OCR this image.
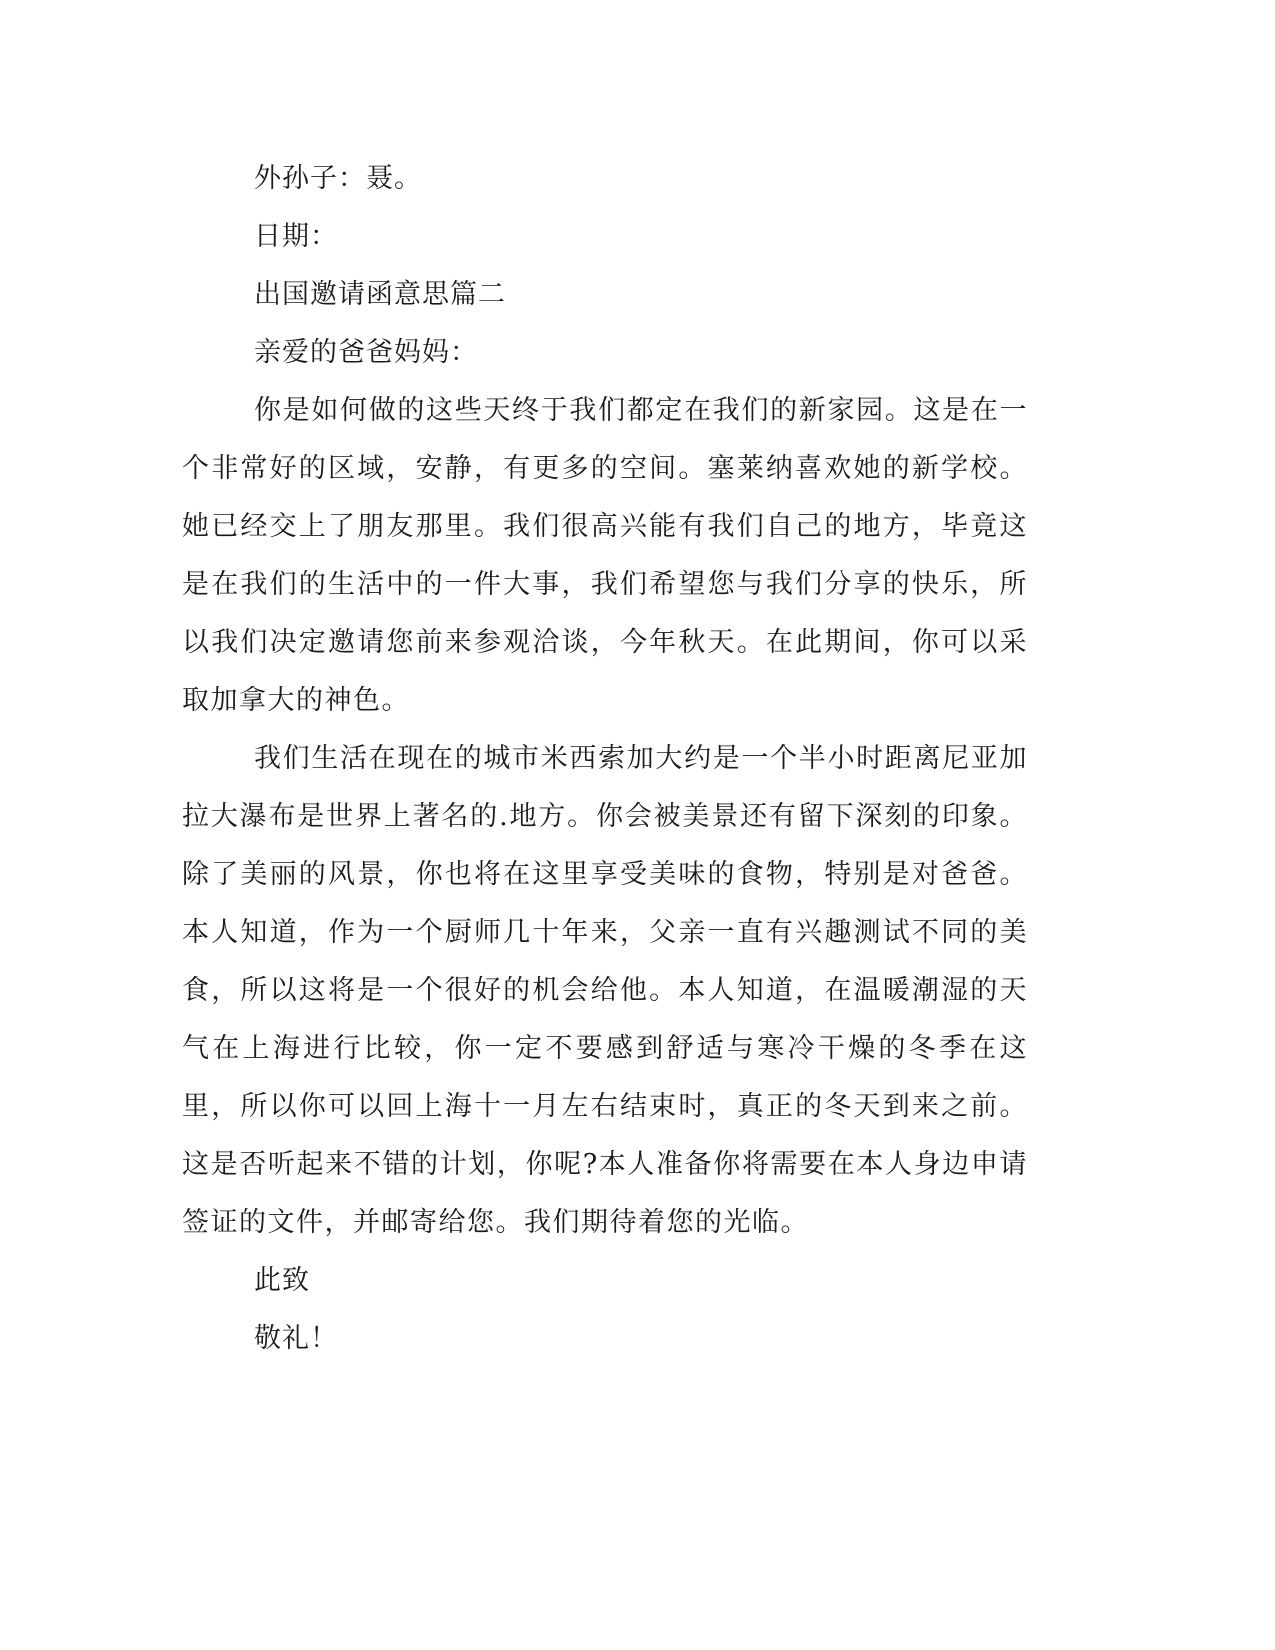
外孙子：聂。

日期：

出国邀请函意思篇二

亲爱的爸爸妈妈：

你是如何做的这些天终于我们都定在我们的新家园。这是在一个非常好的区域，安静，有更多的空间。塞莱纳喜欢她的新学校。她已经交上了朋友那里。我们很高兴能有我们自己的地方，毕竟这是在我们的生活中的一件大事，我们希望您与我们分享的快乐，所以我们决定邀请您前来参观洽谈，今年秋天。在此期间，你可以采取加拿大的神色。

我们生活在现在的城市米西索加大约是一个半小时距离尼亚加拉大瀑布是世界上著名的.地方。你会被美景还有留下深刻的印象。除了美丽的风景，你也将在这里享受美味的食物，特别是对爸爸。本人知道，作为一个厨师几十年来，父亲一直有兴趣测试不同的美食，所以这将是一个很好的机会给他。本人知道，在温暖潮湿的天气在上海进行比较，你一定不要感到舒适与寒冷干燥的冬季在这里，所以你可以回上海十一月左右结束时，真正的冬天到来之前。这是否听起来不错的计划，你呢?本人准备你将需要在本人身边申请签证的文件，并邮寄给您。我们期待着您的光临。

此致

敬礼！
